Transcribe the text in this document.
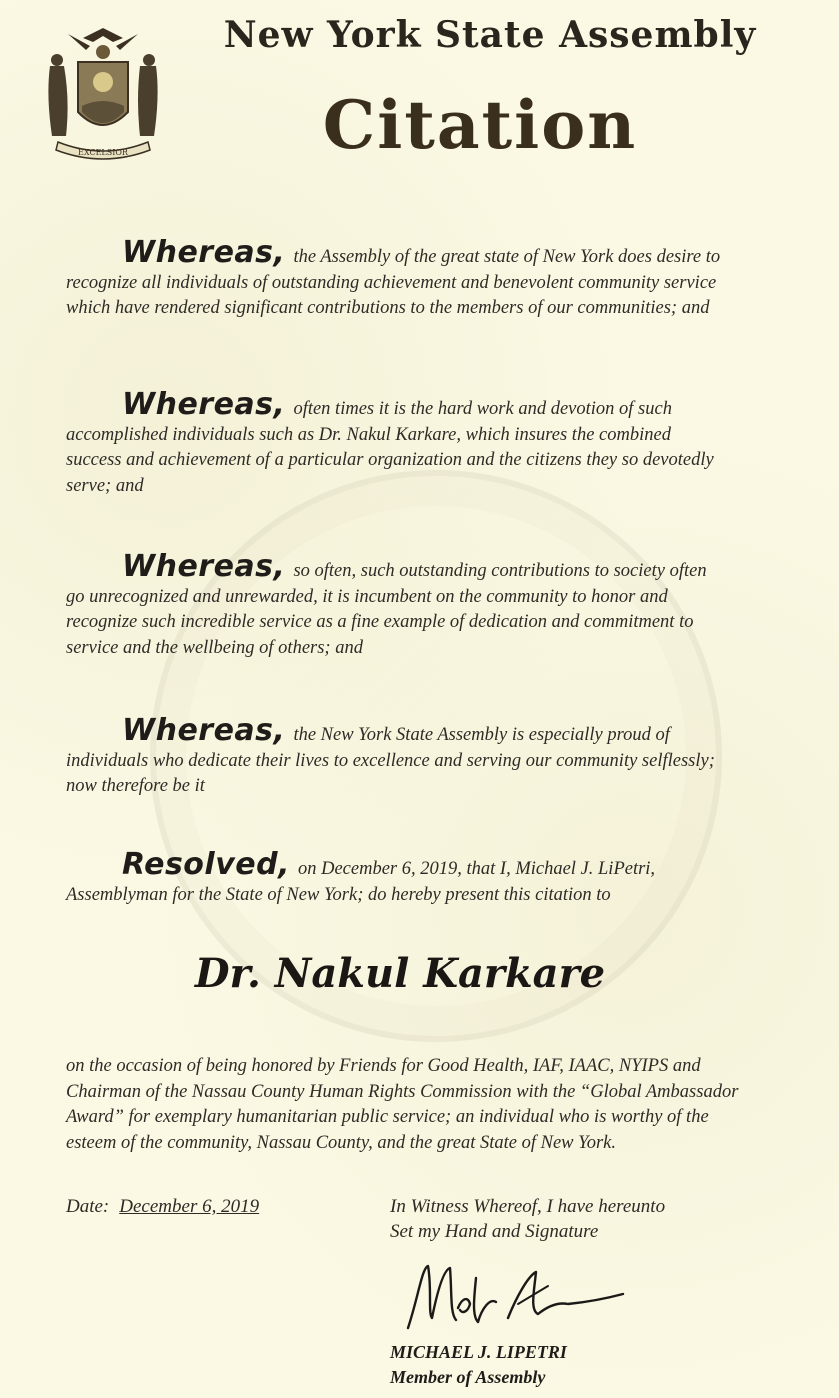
EXCELSIOR
New York State Assembly
Citation

Whereas, the Assembly of the great state of New York does desire to recognize all individuals of outstanding achievement and benevolent community service which have rendered significant contributions to the members of our communities; and

Whereas, often times it is the hard work and devotion of such accomplished individuals such as Dr. Nakul Karkare, which insures the combined success and achievement of a particular organization and the citizens they so devotedly serve; and

Whereas, so often, such outstanding contributions to society often go unrecognized and unrewarded, it is incumbent on the community to honor and recognize such incredible service as a fine example of dedication and commitment to service and the wellbeing of others; and

Whereas, the New York State Assembly is especially proud of individuals who dedicate their lives to excellence and serving our community selflessly; now therefore be it

Resolved, on December 6, 2019, that I, Michael J. LiPetri, Assemblyman for the State of New York; do hereby present this citation to

Dr. Nakul Karkare

on the occasion of being honored by Friends for Good Health, IAF, IAAC, NYIPS and Chairman of the Nassau County Human Rights Commission with the “Global Ambassador Award” for exemplary humanitarian public service; an individual who is worthy of the esteem of the community, Nassau County, and the great State of New York.

Date: December 6, 2019	In Witness Whereof, I have hereunto
Set my Hand and Signature
MICHAEL J. LIPETRI
Member of Assembly
